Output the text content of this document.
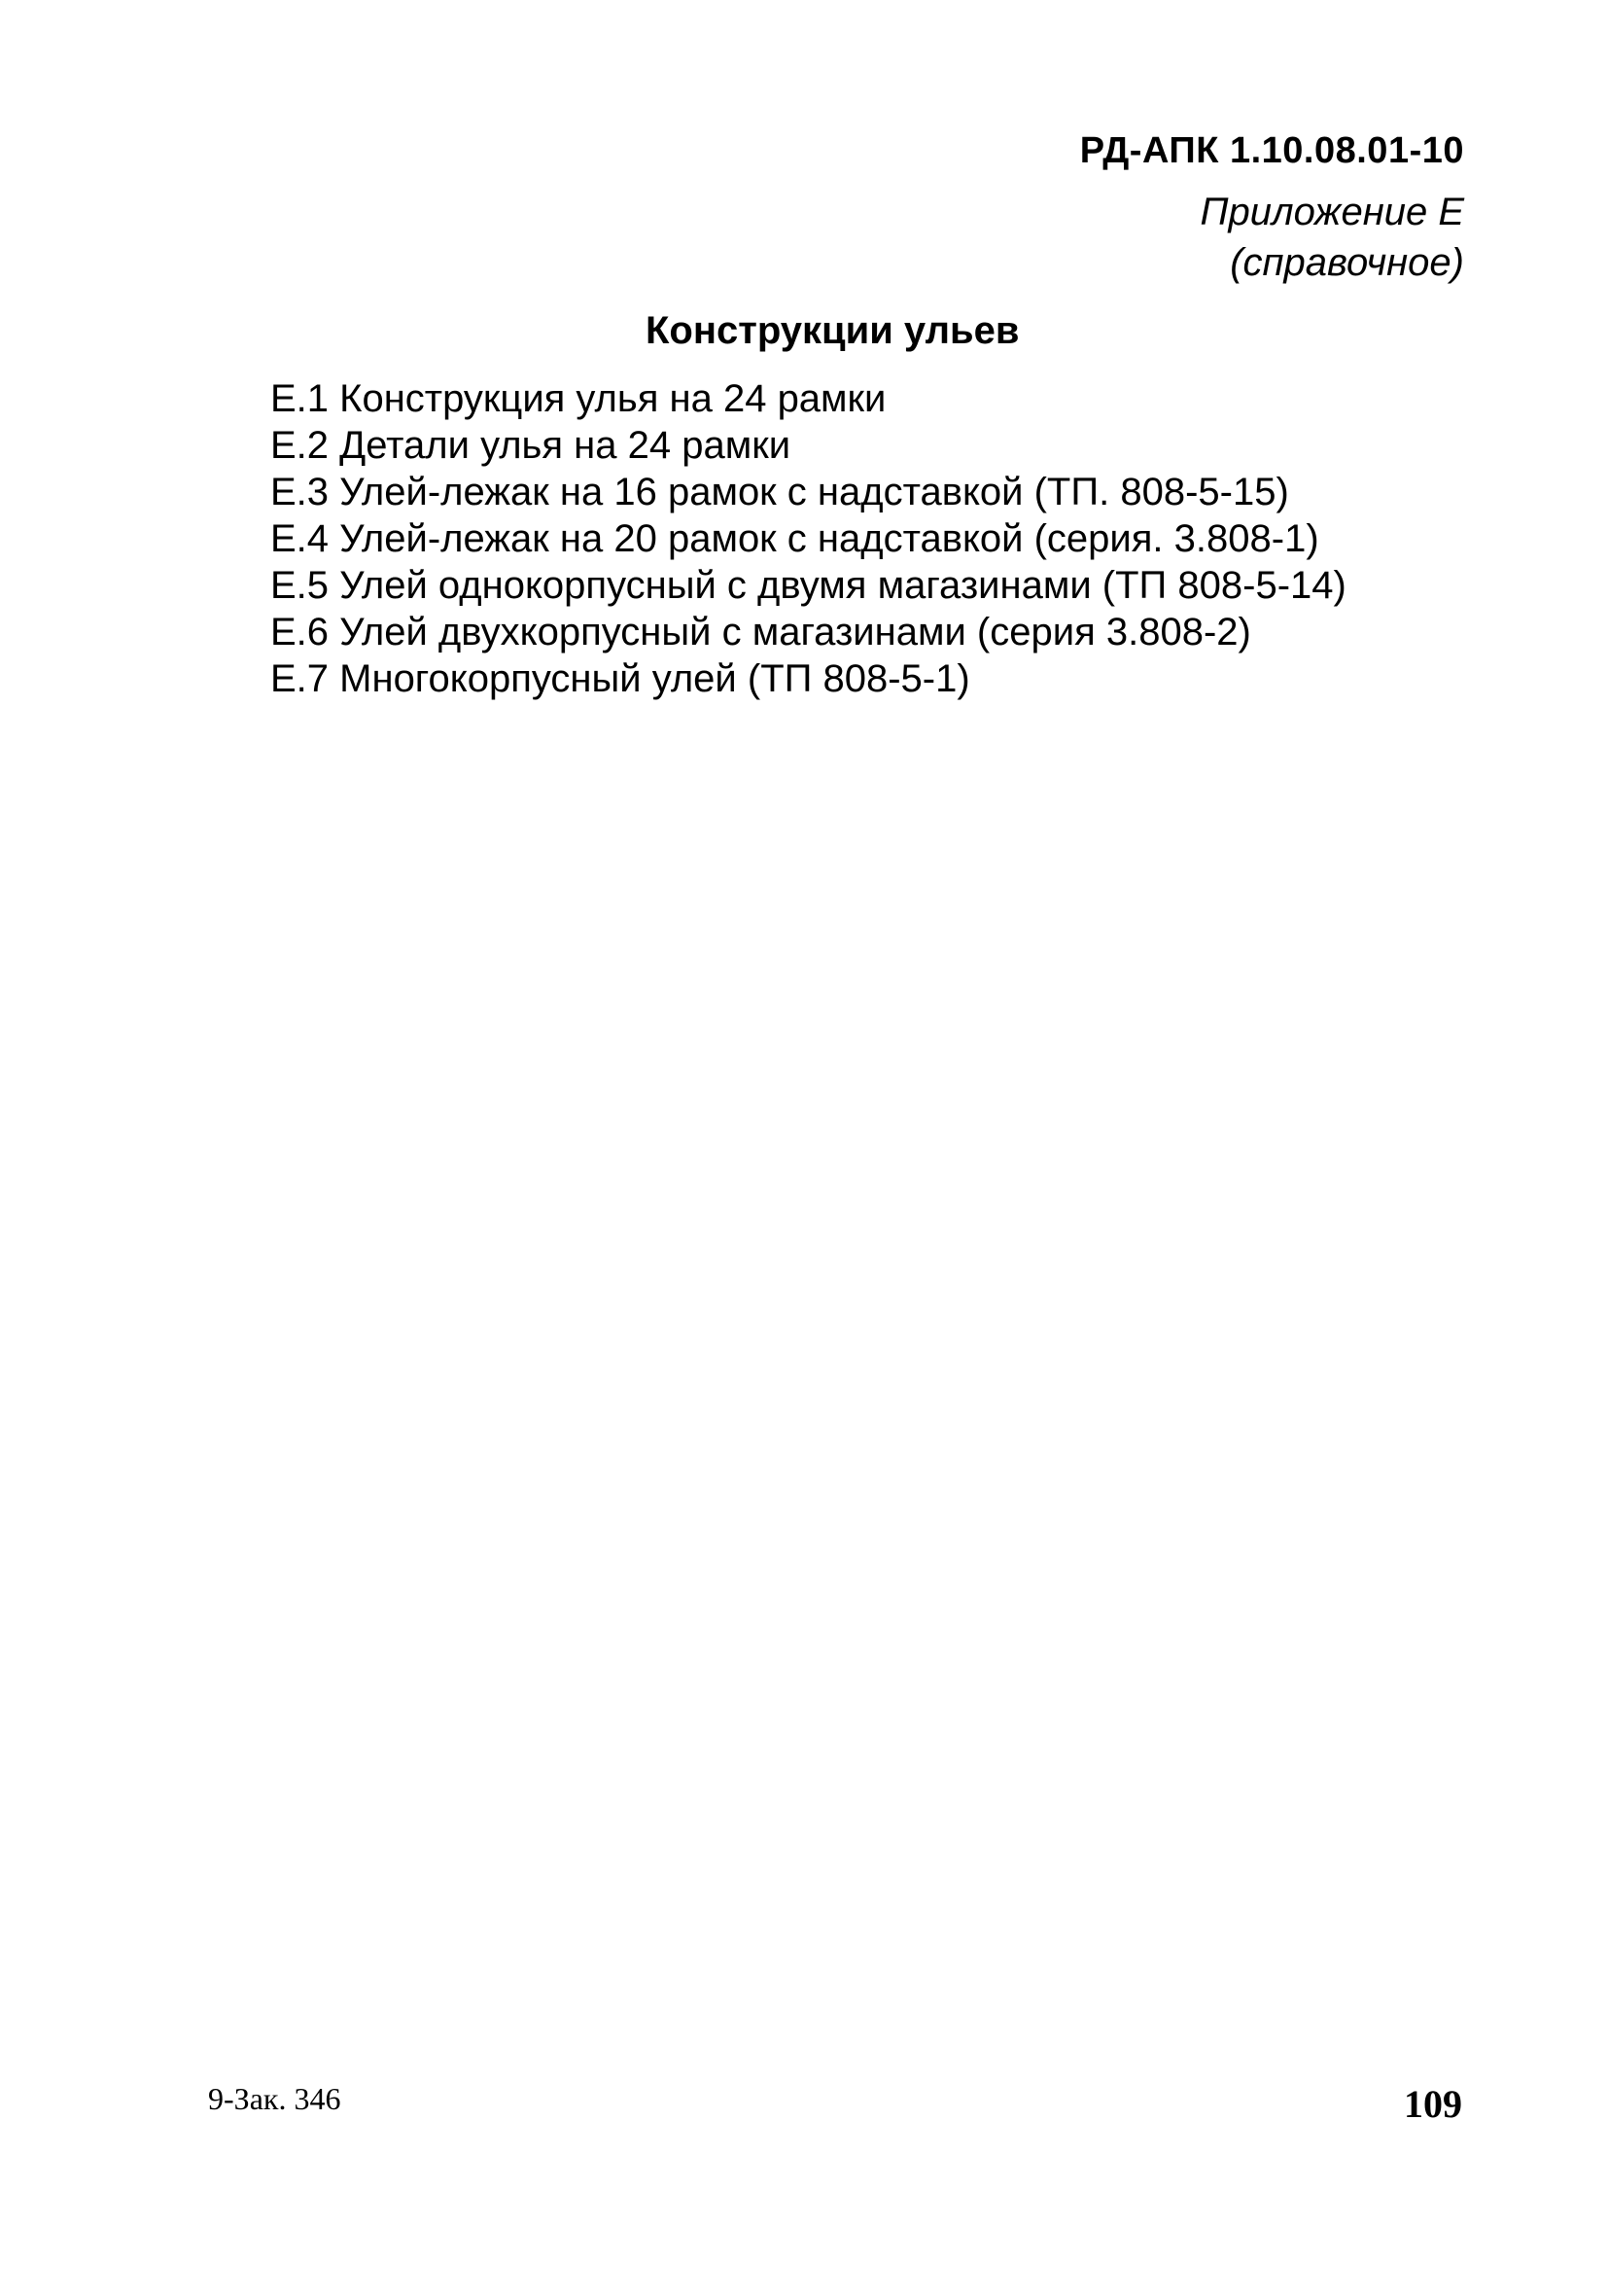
РД-АПК 1.10.08.01-10
Приложение Е
(справочное)
Конструкции ульев
Е.1 Конструкция улья на 24 рамки
Е.2 Детали улья на 24 рамки
Е.3 Улей-лежак на 16 рамок с надставкой (ТП. 808-5-15)
Е.4 Улей-лежак на 20 рамок с надставкой (серия. 3.808-1)
Е.5 Улей однокорпусный с двумя магазинами (ТП 808-5-14)
Е.6 Улей двухкорпусный с магазинами (серия 3.808-2)
Е.7 Многокорпусный улей (ТП 808-5-1)
9-Зак. 346	109
